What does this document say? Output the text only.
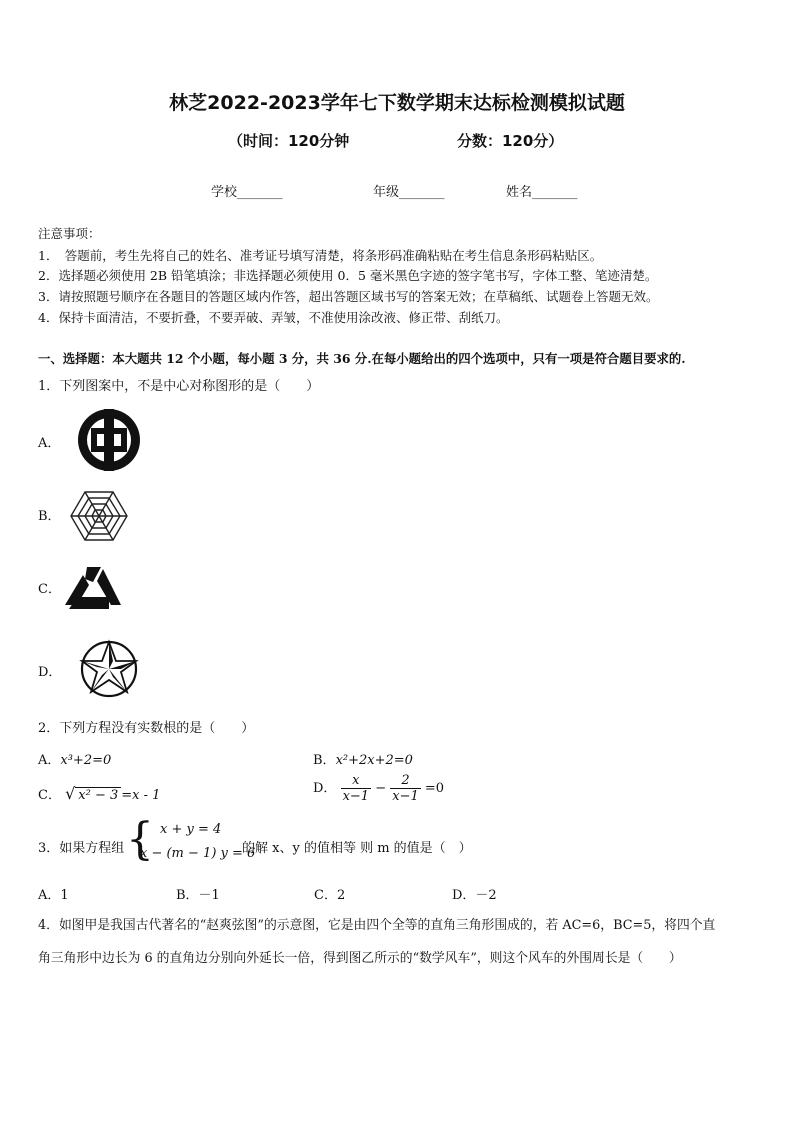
林芝2022-2023学年七下数学期末达标检测模拟试题
（时间：120分钟	分数：120分）
学校_______	年级_______	姓名_______
注意事项：
1．　答题前，考生先将自己的姓名、准考证号填写清楚，将条形码准确粘贴在考生信息条形码粘贴区。
2．选择题必须使用 2B 铅笔填涂；非选择题必须使用 0．5 毫米黑色字迹的签字笔书写，字体工整、笔迹清楚。
3．请按照题号顺序在各题目的答题区域内作答，超出答题区域书写的答案无效；在草稿纸、试题卷上答题无效。
4．保持卡面清洁，不要折叠，不要弄破、弄皱，不准使用涂改液、修正带、刮纸刀。
一、选择题：本大题共 12 个小题，每小题 3 分，共 36 分.在每小题给出的四个选项中，只有一项是符合题目要求的.
1．下列图案中，不是中心对称图形的是（　　）
A．
B．
C．
D．
2．下列方程没有实数根的是（　　）
A．x³+2=0	B．x²+2x+2=0
C． √ x² − 3 =x - 1	D． $\frac{x}{x-1} - \frac{2}{x-1} =0$
3．如果方程组 { x + y = 4
x − (m − 1) y = 6
的解 x、y 的值相等 则 m 的值是（　）
A．1	B．－1	C．2	D．－2
4．如图甲是我国古代著名的“赵爽弦图”的示意图，它是由四个全等的直角三角形围成的，若 AC=6，BC=5，将四个直
角三角形中边长为 6 的直角边分别向外延长一倍，得到图乙所示的“数学风车”，则这个风车的外围周长是（　　）
